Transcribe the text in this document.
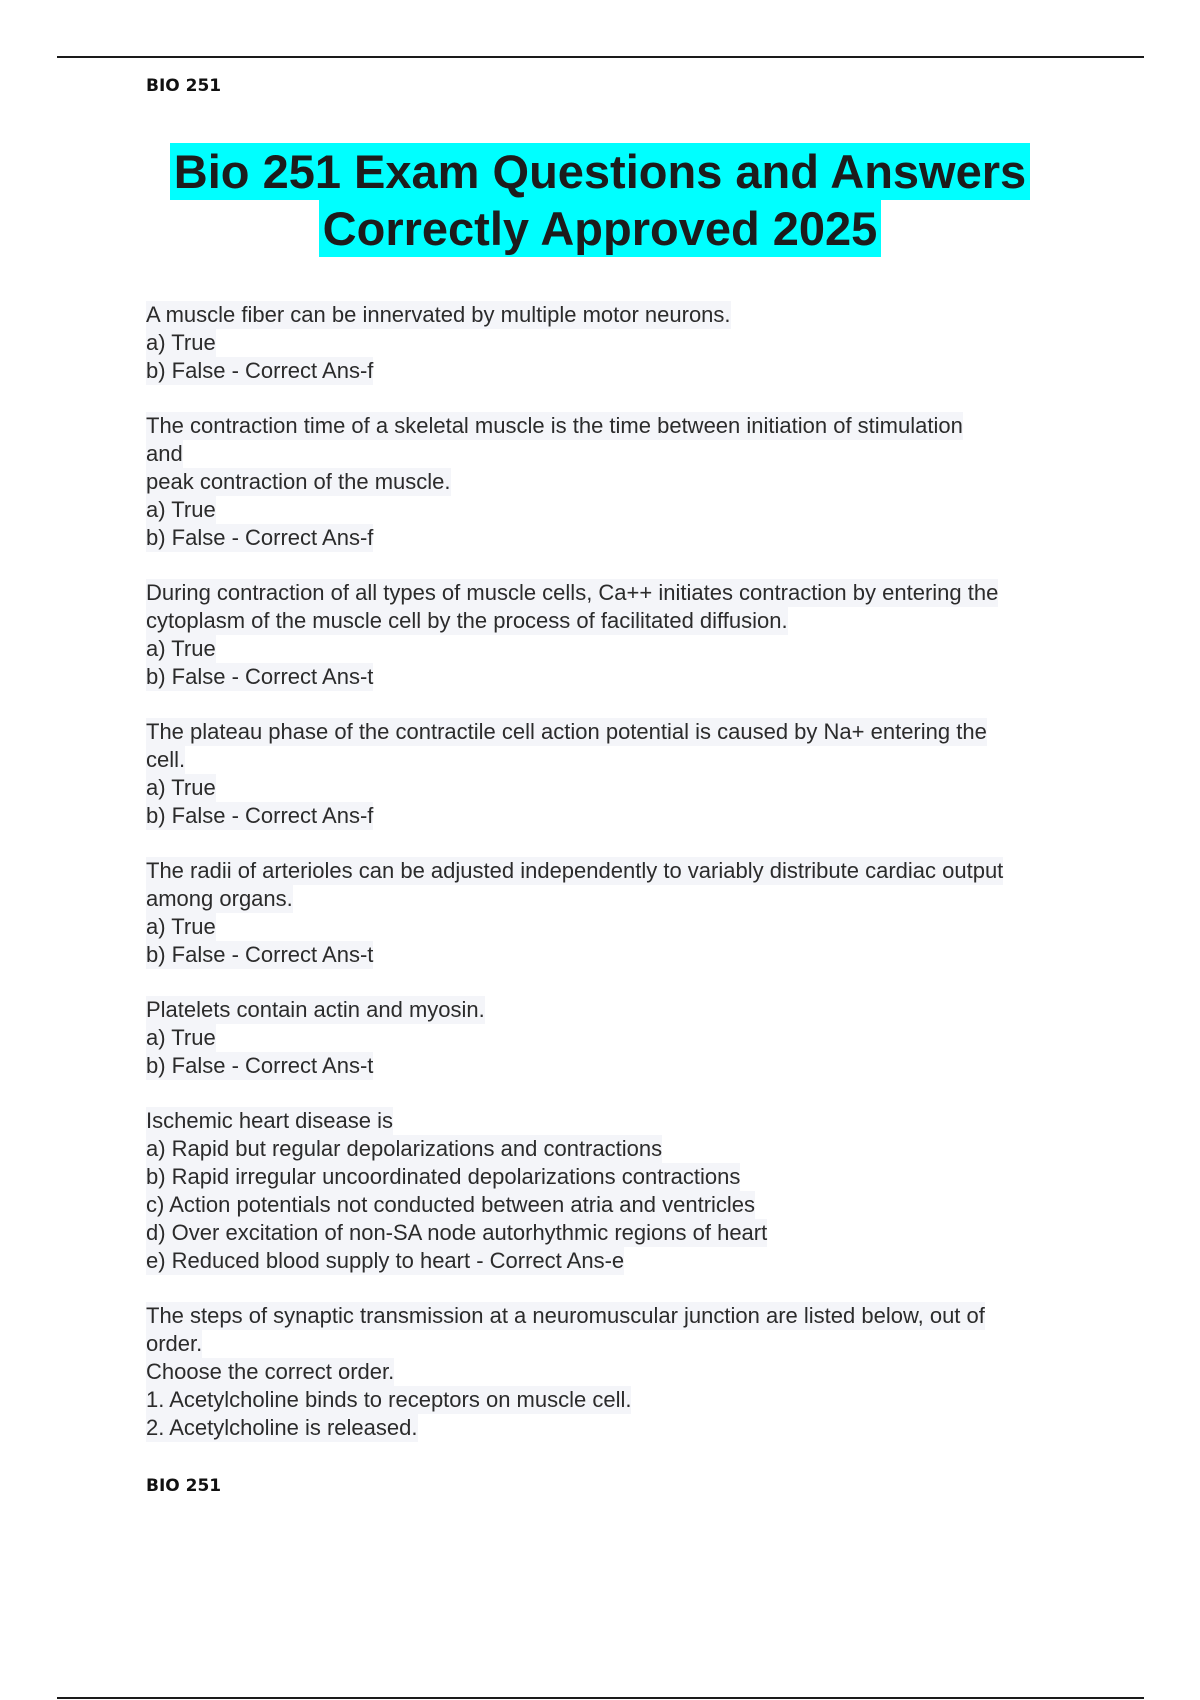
BIO 251
Bio 251 Exam Questions and Answers
Correctly Approved 2025
A muscle fiber can be innervated by multiple motor neurons.
a) True
b) False - Correct Ans-f
The contraction time of a skeletal muscle is the time between initiation of stimulation
and
peak contraction of the muscle.
a) True
b) False - Correct Ans-f
During contraction of all types of muscle cells, Ca++ initiates contraction by entering the
cytoplasm of the muscle cell by the process of facilitated diffusion.
a) True
b) False - Correct Ans-t
The plateau phase of the contractile cell action potential is caused by Na+ entering the
cell.
a) True
b) False - Correct Ans-f
The radii of arterioles can be adjusted independently to variably distribute cardiac output
among organs.
a) True
b) False - Correct Ans-t
Platelets contain actin and myosin.
a) True
b) False - Correct Ans-t
Ischemic heart disease is
a) Rapid but regular depolarizations and contractions
b) Rapid irregular uncoordinated depolarizations contractions
c) Action potentials not conducted between atria and ventricles
d) Over excitation of non-SA node autorhythmic regions of heart
e) Reduced blood supply to heart - Correct Ans-e
The steps of synaptic transmission at a neuromuscular junction are listed below, out of
order.
Choose the correct order.
1. Acetylcholine binds to receptors on muscle cell.
2. Acetylcholine is released.
BIO 251
